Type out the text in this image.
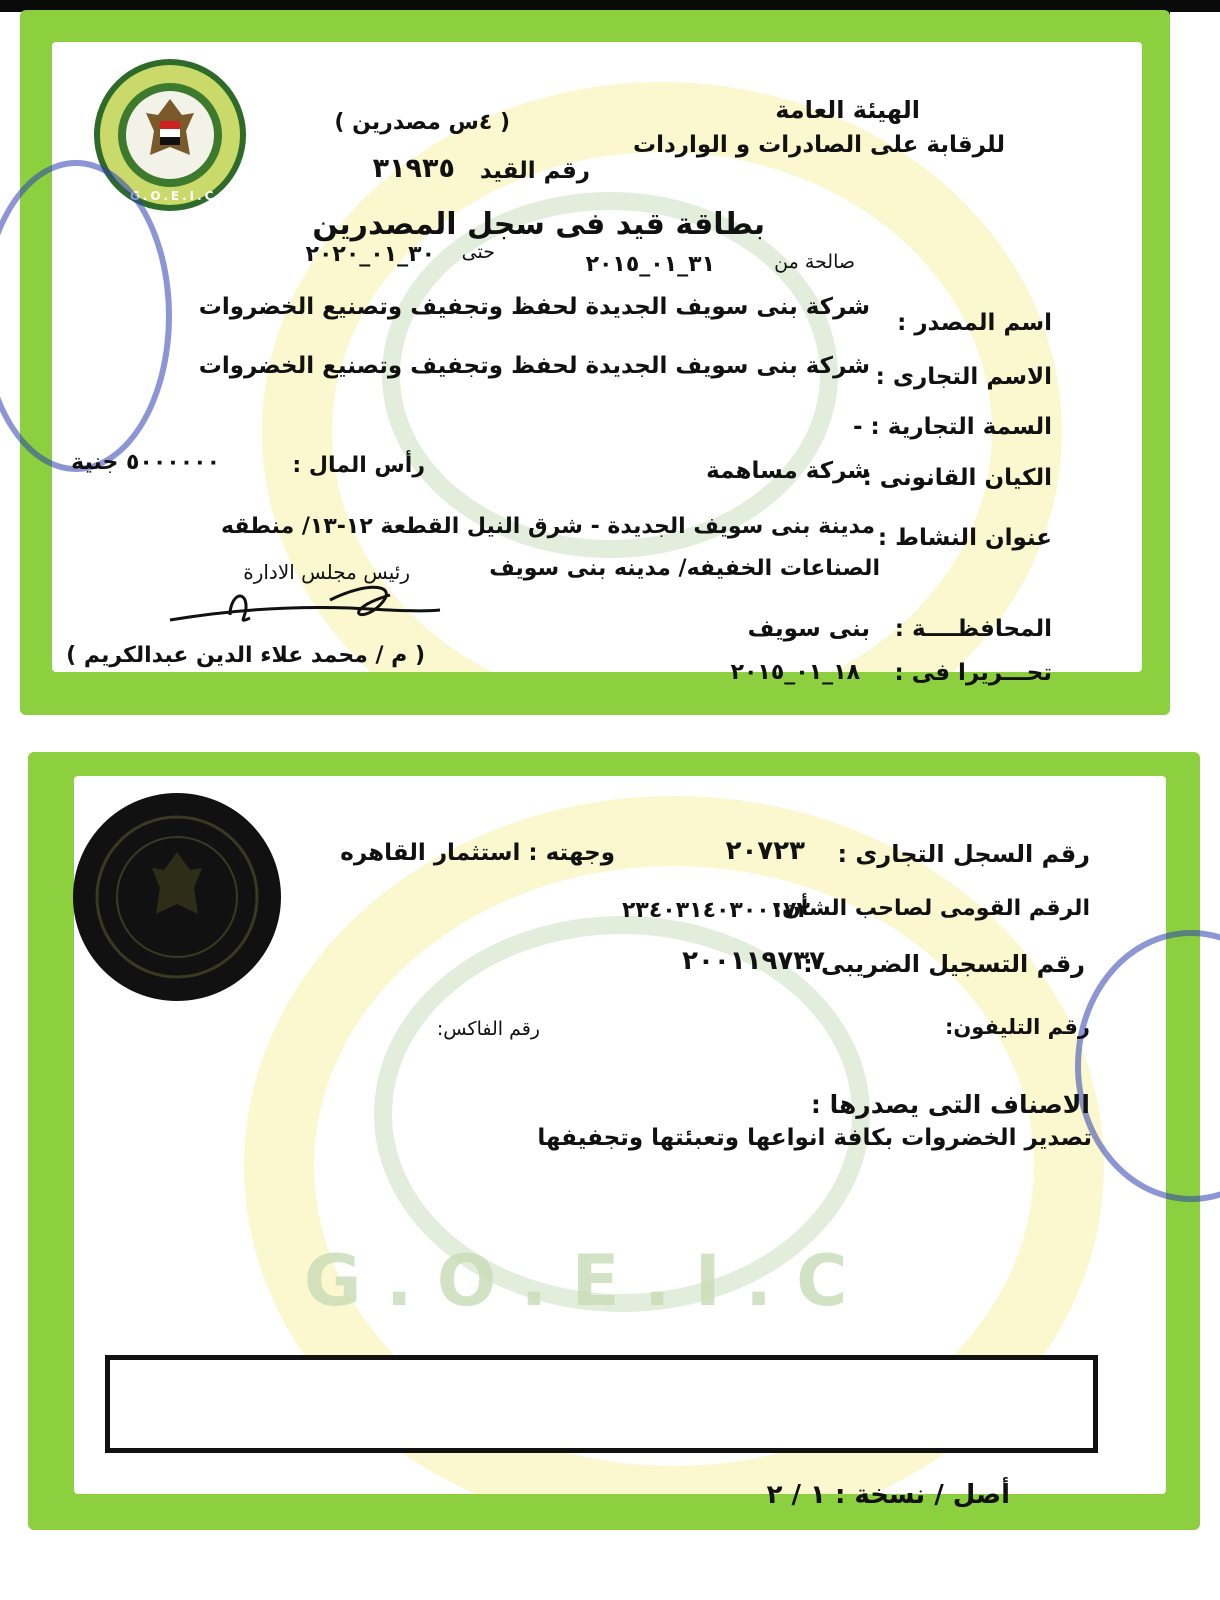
G.O.E.I.C
الهيئة العامة
للرقابة على الصادرات و الواردات
( ٤س مصدرين )
رقم القيد
٣١٩٣٥
بطاقة قيد فى سجل المصدرين
صالحة من
٣١_٠١_٢٠١٥
حتى
٣٠_٠١_٢٠٢٠
اسم المصدر :
شركة بنى سويف الجديدة لحفظ وتجفيف وتصنيع الخضروات
الاسم التجارى :
شركة بنى سويف الجديدة لحفظ وتجفيف وتصنيع الخضروات
السمة التجارية : -
الكيان القانونى :
شركة مساهمة
رأس المال :
٥٠٠٠٠٠٠ جنية
عنوان النشاط :
مدينة بنى سويف الجديدة - شرق النيل القطعة ١٢-١٣/ منطقه
الصناعات الخفيفه/ مدينه بنى سويف
رئيس مجلس الادارة
( م / محمد علاء الدين عبدالكريم )
المحافظــــة :
بنى سويف
تحـــريرا فى :
١٨_٠١_٢٠١٥
G . O . E . I . C
رقم السجل التجارى :
٢٠٧٢٣
وجهته : استثمار القاهره
الرقم القومى لصاحب الشأن:
٢٣٤٠٣١٤٠٣٠٠١٧٣
رقم التسجيل الضريبى :
٢٠٠١١٩٧٣٧
رقم التليفون:
رقم الفاكس:
الاصناف التى يصدرها :
تصدير الخضروات بكافة انواعها وتعبئتها وتجفيفها
أصل / نسخة : ١ / ٢
